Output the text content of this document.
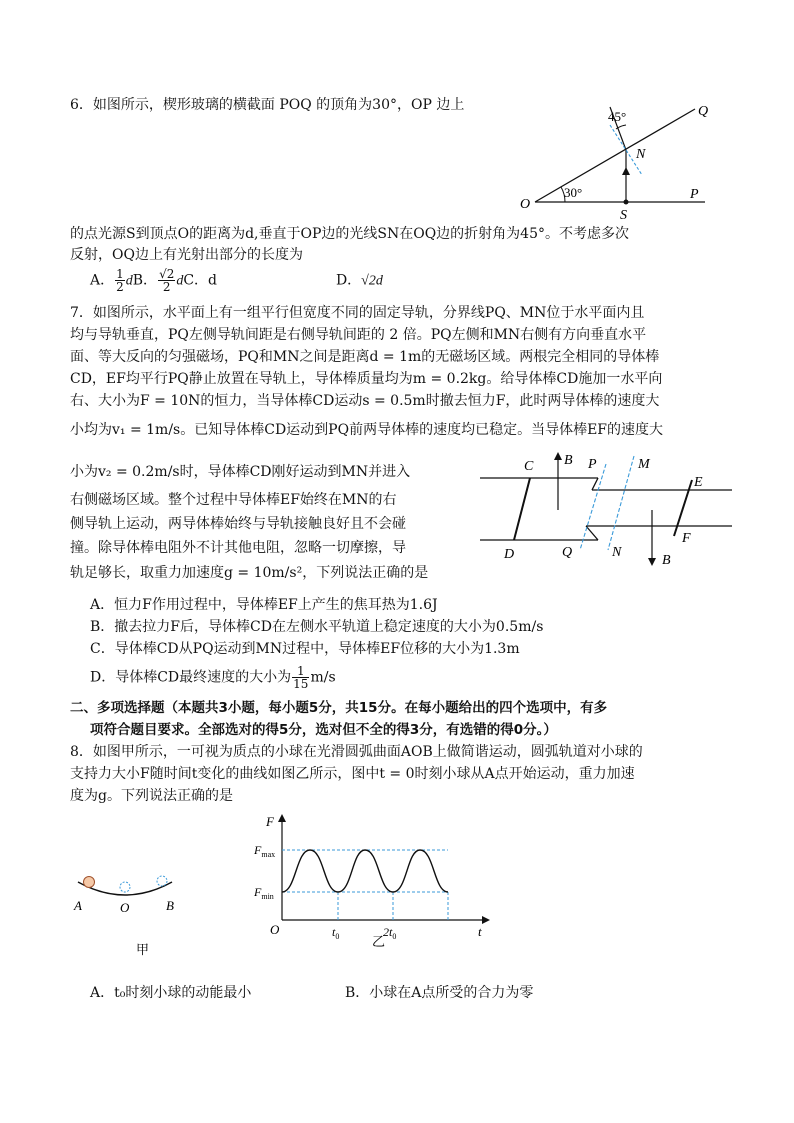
6．如图所示，楔形玻璃的横截面 POQ 的顶角为30°，OP 边上
45°	Q
N
30°
O
P
S
的点光源S到顶点O的距离为d,垂直于OP边的光线SN在OQ边的折射角为45°。不考虑多次
反射，OQ边上有光射出部分的长度为
A． $\frac{1}{2}$ dB． $\frac{√2}{2}$ dC．d	D．√2d
7．如图所示，水平面上有一组平行但宽度不同的固定导轨，分界线PQ、MN位于水平面内且
均与导轨垂直，PQ左侧导轨间距是右侧导轨间距的 2 倍。PQ左侧和MN右侧有方向垂直水平
面、等大反向的匀强磁场，PQ和MN之间是距离d = 1m的无磁场区域。两根完全相同的导体棒
CD，EF均平行PQ静止放置在导轨上，导体棒质量均为m = 0.2kg。给导体棒CD施加一水平向
右、大小为F = 10N的恒力，当导体棒CD运动s = 0.5m时撤去恒力F，此时两导体棒的速度大
小均为v₁ = 1m/s。已知导体棒CD运动到PQ前两导体棒的速度均已稳定。当导体棒EF的速度大
小为v₂ = 0.2m/s时，导体棒CD刚好运动到MN并进入
右侧磁场区域。整个过程中导体棒EF始终在MN的右
侧导轨上运动，两导体棒始终与导轨接触良好且不会碰
撞。除导体棒电阻外不计其他电阻，忽略一切摩擦，导
轨足够长，取重力加速度g = 10m/s²，下列说法正确的是
C B P	M
E
F
D	Q	N
B
A．恒力F作用过程中，导体棒EF上产生的焦耳热为1.6J
B．撤去拉力F后，导体棒CD在左侧水平轨道上稳定速度的大小为0.5m/s
C．导体棒CD从PQ运动到MN过程中，导体棒EF位移的大小为1.3m
D．导体棒CD最终速度的大小为 $\frac{1}{15} m/s$
二、多项选择题（本题共3小题，每小题5分，共15分。在每小题给出的四个选项中，有多
项符合题目要求。全部选对的得5分，选对但不全的得3分，有选错的得0分。）
8．如图甲所示，一可视为质点的小球在光滑圆弧曲面AOB上做简谐运动，圆弧轨道对小球的
支持力大小F随时间t变化的曲线如图乙所示，图中t = 0时刻小球从A点开始运动，重力加速
度为g。下列说法正确的是
A	O	B
甲
F
$F_{max}$
$F_{min}$
O	$t_0$	$2t_0$	t
乙
A．t₀时刻小球的动能最小	B．小球在A点所受的合力为零
